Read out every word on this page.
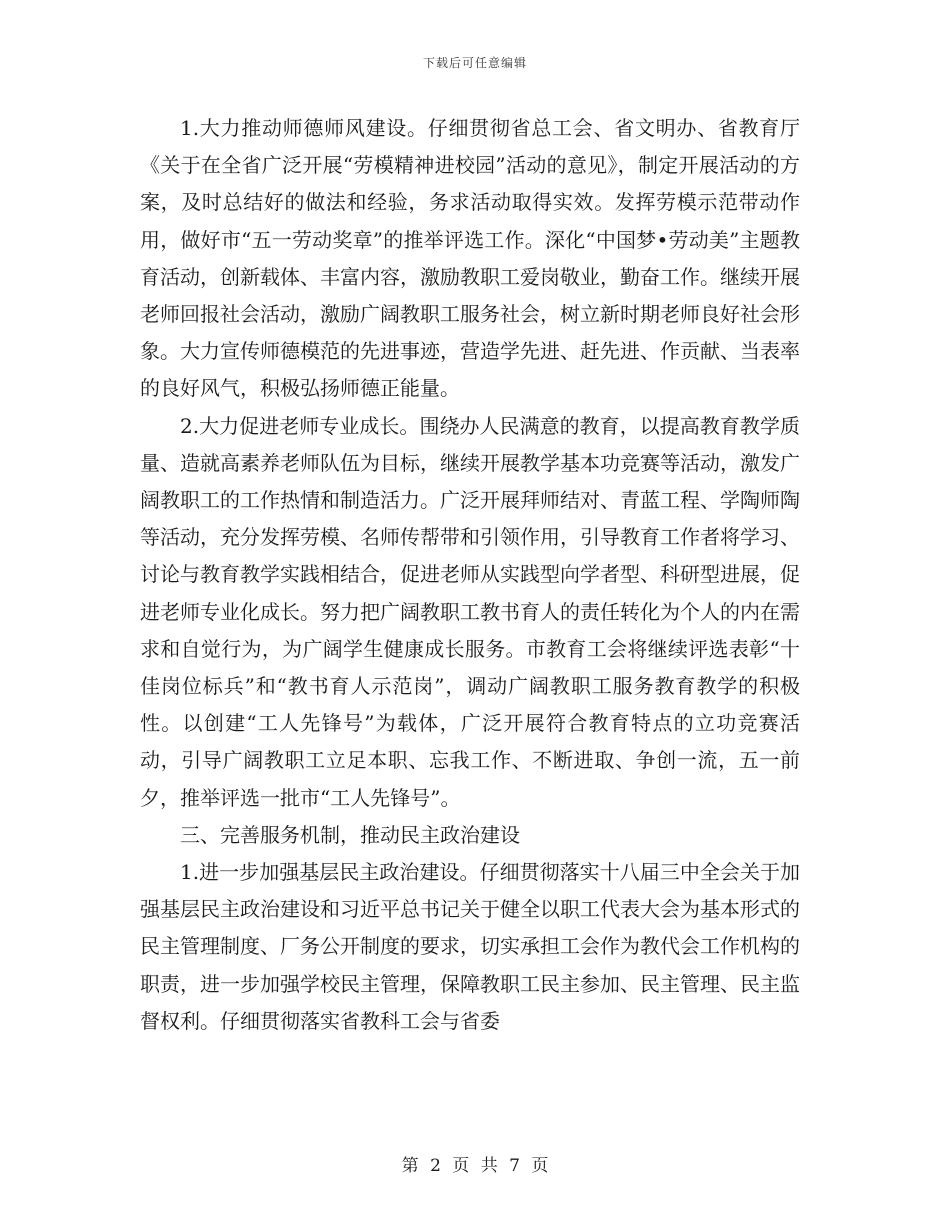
下载后可任意编辑

1.大力推动师德师风建设。仔细贯彻省总工会、省文明办、省教育厅《关于在全省广泛开展“劳模精神进校园”活动的意见》，制定开展活动的方案，及时总结好的做法和经验，务求活动取得实效。发挥劳模示范带动作用，做好市“五一劳动奖章”的推举评选工作。深化“中国梦•劳动美”主题教育活动，创新载体、丰富内容，激励教职工爱岗敬业，勤奋工作。继续开展老师回报社会活动，激励广阔教职工服务社会，树立新时期老师良好社会形象。大力宣传师德模范的先进事迹，营造学先进、赶先进、作贡献、当表率的良好风气，积极弘扬师德正能量。

2.大力促进老师专业成长。围绕办人民满意的教育，以提高教育教学质量、造就高素养老师队伍为目标，继续开展教学基本功竞赛等活动，激发广阔教职工的工作热情和制造活力。广泛开展拜师结对、青蓝工程、学陶师陶等活动，充分发挥劳模、名师传帮带和引领作用，引导教育工作者将学习、讨论与教育教学实践相结合，促进老师从实践型向学者型、科研型进展，促进老师专业化成长。努力把广阔教职工教书育人的责任转化为个人的内在需求和自觉行为，为广阔学生健康成长服务。市教育工会将继续评选表彰“十佳岗位标兵”和“教书育人示范岗”，调动广阔教职工服务教育教学的积极性。以创建“工人先锋号”为载体，广泛开展符合教育特点的立功竞赛活动，引导广阔教职工立足本职、忘我工作、不断进取、争创一流，五一前夕，推举评选一批市“工人先锋号”。

三、完善服务机制，推动民主政治建设

1.进一步加强基层民主政治建设。仔细贯彻落实十八届三中全会关于加强基层民主政治建设和习近平总书记关于健全以职工代表大会为基本形式的民主管理制度、厂务公开制度的要求，切实承担工会作为教代会工作机构的职责，进一步加强学校民主管理，保障教职工民主参加、民主管理、民主监督权利。仔细贯彻落实省教科工会与省委

第 2 页 共 7 页
